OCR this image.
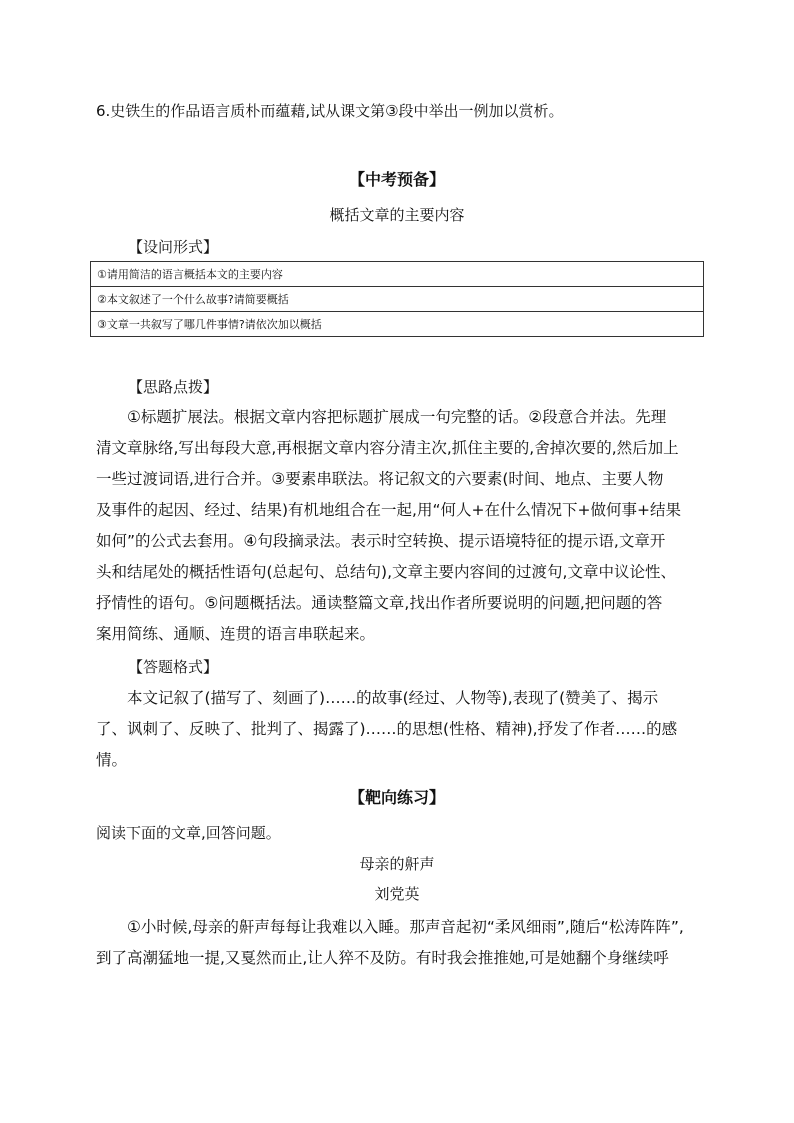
6.史铁生的作品语言质朴而蕴藉,试从课文第③段中举出一例加以赏析。
【中考预备】
概括文章的主要内容
【设问形式】
①请用简洁的语言概括本文的主要内容
②本文叙述了一个什么故事?请简要概括
③文章一共叙写了哪几件事情?请依次加以概括
【思路点拨】

①标题扩展法。根据文章内容把标题扩展成一句完整的话。②段意合并法。先理

清文章脉络,写出每段大意,再根据文章内容分清主次,抓住主要的,舍掉次要的,然后加上

一些过渡词语,进行合并。③要素串联法。将记叙文的六要素(时间、地点、主要人物

及事件的起因、经过、结果)有机地组合在一起,用“何人+在什么情况下+做何事+结果

如何”的公式去套用。④句段摘录法。表示时空转换、提示语境特征的提示语,文章开

头和结尾处的概括性语句(总起句、总结句),文章主要内容间的过渡句,文章中议论性、

抒情性的语句。⑤问题概括法。通读整篇文章,找出作者所要说明的问题,把问题的答

案用简练、通顺、连贯的语言串联起来。

【答题格式】

本文记叙了(描写了、刻画了)……的故事(经过、人物等),表现了(赞美了、揭示

了、讽刺了、反映了、批判了、揭露了)……的思想(性格、精神),抒发了作者……的感

情。

【靶向练习】
阅读下面的文章,回答问题。
母亲的鼾声
刘党英

①小时候,母亲的鼾声每每让我难以入睡。那声音起初“柔风细雨”,随后“松涛阵阵”,

到了高潮猛地一提,又戛然而止,让人猝不及防。有时我会推推她,可是她翻个身继续呼
